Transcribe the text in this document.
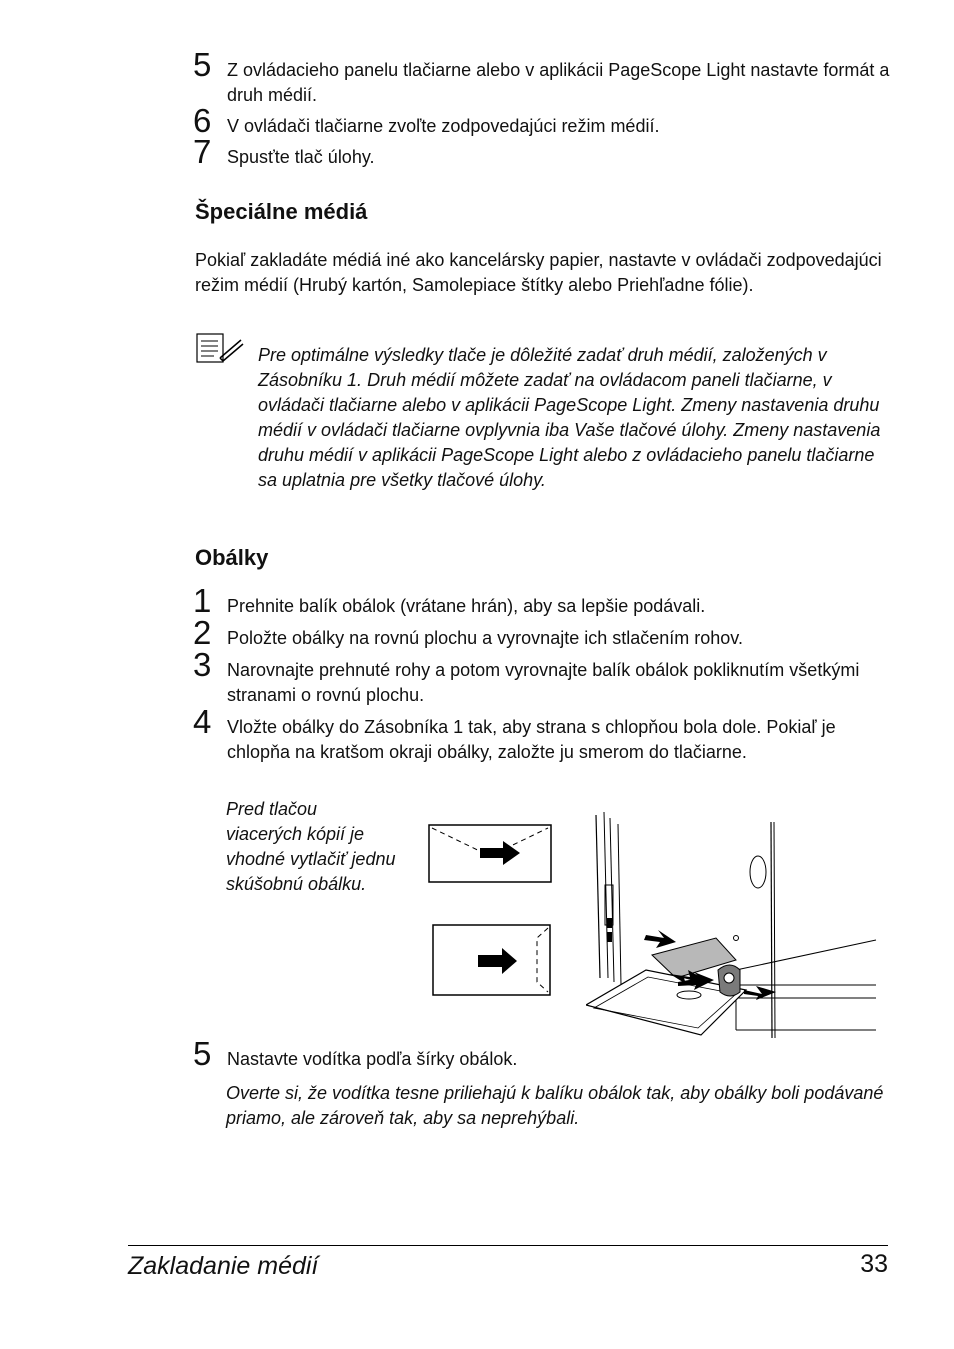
5 Z ovládacieho panelu tlačiarne alebo v aplikácii PageScope Light nastavte formát a druh médií.
6 V ovládači tlačiarne zvoľte zodpovedajúci režim médií.
7 Spusťte tlač úlohy.
Špeciálne médiá
Pokiaľ zakladáte médiá iné ako kancelársky papier, nastavte v ovládači zodpovedajúci režim médií (Hrubý kartón, Samolepiace štítky alebo Priehľadne fólie).
Pre optimálne výsledky tlače je dôležité zadať druh médií, založených v Zásobníku 1. Druh médií môžete zadať na ovládacom paneli tlačiarne, v ovládači tlačiarne alebo v aplikácii PageScope Light. Zmeny nastavenia druhu médií v ovládači tlačiarne ovplyvnia iba Vaše tlačové úlohy. Zmeny nastavenia druhu médií v aplikácii PageScope Light alebo z ovládacieho panelu tlačiarne sa uplatnia pre všetky tlačové úlohy.
Obálky
1 Prehnite balík obálok (vrátane hrán), aby sa lepšie podávali.
2 Položte obálky na rovnú plochu a vyrovnajte ich stlačením rohov.
3 Narovnajte prehnuté rohy a potom vyrovnajte balík obálok pokliknutím všetkými stranami o rovnú plochu.
4 Vložte obálky do Zásobníka 1 tak, aby strana s chlopňou bola dole. Pokiaľ je chlopňa na kratšom okraji obálky, založte ju smerom do tlačiarne.
Pred tlačou viacerých kópií je vhodné vytlačiť jednu skúšobnú obálku.
5 Nastavte vodítka podľa šírky obálok.
Overte si, že vodítka tesne priliehajú k balíku obálok tak, aby obálky boli podávané priamo, ale zároveň tak, aby sa neprehýbali.
Zakladanie médií	33
